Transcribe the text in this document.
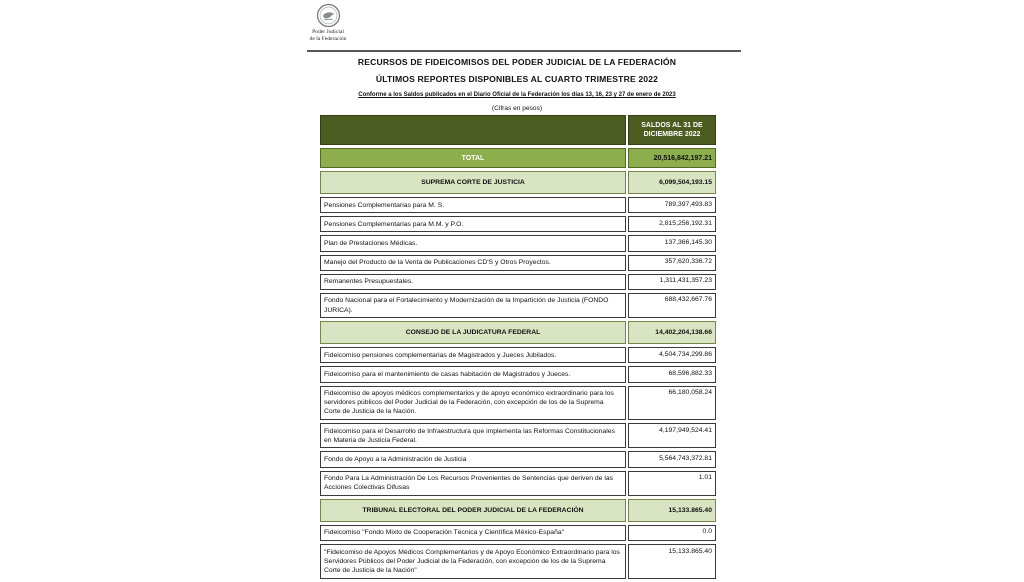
Poder Judicial
de la Federación
RECURSOS DE FIDEICOMISOS DEL PODER JUDICIAL DE LA FEDERACIÓN
ÚLTIMOS REPORTES DISPONIBLES AL CUARTO TRIMESTRE 2022
Conforme a los Saldos publicados en el Diario Oficial de la Federación los días 13, 16, 23 y 27 de enero de 2023
(Cifras en pesos)
	SALDOS AL 31 DE DICIEMBRE 2022
TOTAL	20,516,842,197.21
SUPREMA CORTE DE JUSTICIA	6,099,504,193.15
Pensiones Complementarias para M. S.	789,397,493.83
Pensiones Complementarias para M.M. y P.O.	2,815,256,192.31
Plan de Prestaciones Médicas.	137,366,145.30
Manejo del Producto de la Venta de Publicaciones CD'S y Otros Proyectos.	357,620,336.72
Remanentes Presupuestales.	1,311,431,357.23
Fondo Nacional para el Fortalecimiento y Modernización de la Impartición de Justicia (FONDO JURICA).	688,432,667.76
CONSEJO DE LA JUDICATURA FEDERAL	14,402,204,138.66
Fideicomiso pensiones complementarias de Magistrados y Jueces Jubilados.	4,504,734,299.86
Fideicomiso para el mantenimiento de casas habitación de Magistrados y Jueces.	68,596,882.33
Fideicomiso de apoyos médicos complementarios y de apoyo económico extraordinario para los servidores públicos del Poder Judicial de la Federación, con excepción de los de la Suprema Corte de Justicia de la Nación.	66,180,058.24
Fideicomiso para el Desarrollo de Infraestructura que implementa las Reformas Constitucionales en Materia de Justicia Federal.	4,197,949,524.41
Fondo de Apoyo a la Administración de Justicia	5,564,743,372.81
Fondo Para La Administración De Los Recursos Provenientes de Sentencias que deriven de las Acciones Colectivas Difusas	1.01
TRIBUNAL ELECTORAL DEL PODER JUDICIAL DE LA FEDERACIÓN	15,133.865.40
Fideicomiso "Fondo Mixto de Cooperación Técnica y Científica México-España"	0.0
"Fideicomiso de Apoyos Médicos Complementarios y de Apoyo Económico Extraordinario para los Servidores Públicos del Poder Judicial de la Federación, con excepción de los de la Suprema Corte de Justicia de la Nación"	15,133.865.40
